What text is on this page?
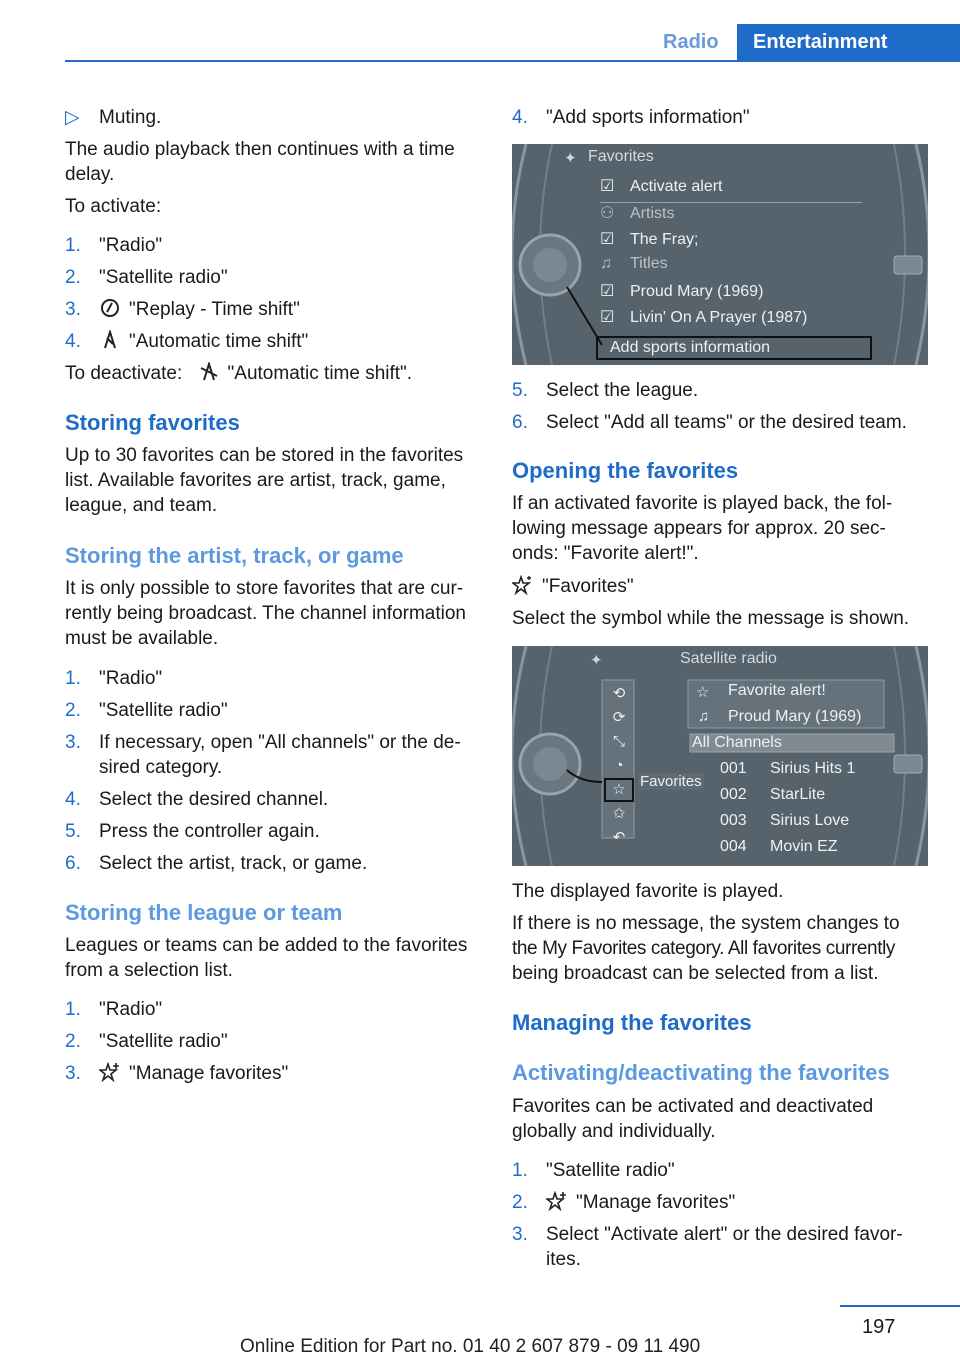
Radio	Entertainment
▷ Muting.
The audio playback then continues with a time
delay.
To activate:
1. "Radio"
2. "Satellite radio"
3.	"Replay - Time shift"
4.	"Automatic time shift"
To deactivate: "Automatic time shift".
Storing favorites
Up to 30 favorites can be stored in the favorites
list. Available favorites are artist, track, game,
league, and team.
Storing the artist, track, or game
It is only possible to store favorites that are cur‐
rently being broadcast. The channel information
must be available.
1. "Radio"
2. "Satellite radio"
3. If necessary, open "All channels" or the de‐
sired category.
4. Select the desired channel.
5. Press the controller again.
6. Select the artist, track, or game.
Storing the league or team
Leagues or teams can be added to the favorites
from a selection list.
1. "Radio"
2. "Satellite radio"
3.	"Manage favorites"
4. "Add sports information"
✦ Favorites
☑ Activate alert
⚇ Artists
☑ The Fray;
♫ Titles
☑ Proud Mary (1969)
☑ Livin' On A Prayer (1987)
Add sports information
5. Select the league.
6. Select "Add all teams" or the desired team.
Opening the favorites
If an activated favorite is played back, the fol‐
lowing message appears for approx. 20 sec‐
onds: "Favorite alert!".
"Favorites"
Select the symbol while the message is shown.
✦	Satellite radio
⟲
⟳
⤡
◔
☆
✩
↶
Favorites
☆ Favorite alert!
♫ Proud Mary (1969)
All Channels
001 Sirius Hits 1
002 StarLite
003 Sirius Love
004 Movin EZ
The displayed favorite is played.
If there is no message, the system changes to
the My Favorites category. All favorites currently
being broadcast can be selected from a list.
Managing the favorites
Activating/deactivating the favorites
Favorites can be activated and deactivated
globally and individually.
1. "Satellite radio"
2.	"Manage favorites"
3. Select "Activate alert" or the desired favor‐
ites.
197
Online Edition for Part no. 01 40 2 607 879 - 09 11 490
